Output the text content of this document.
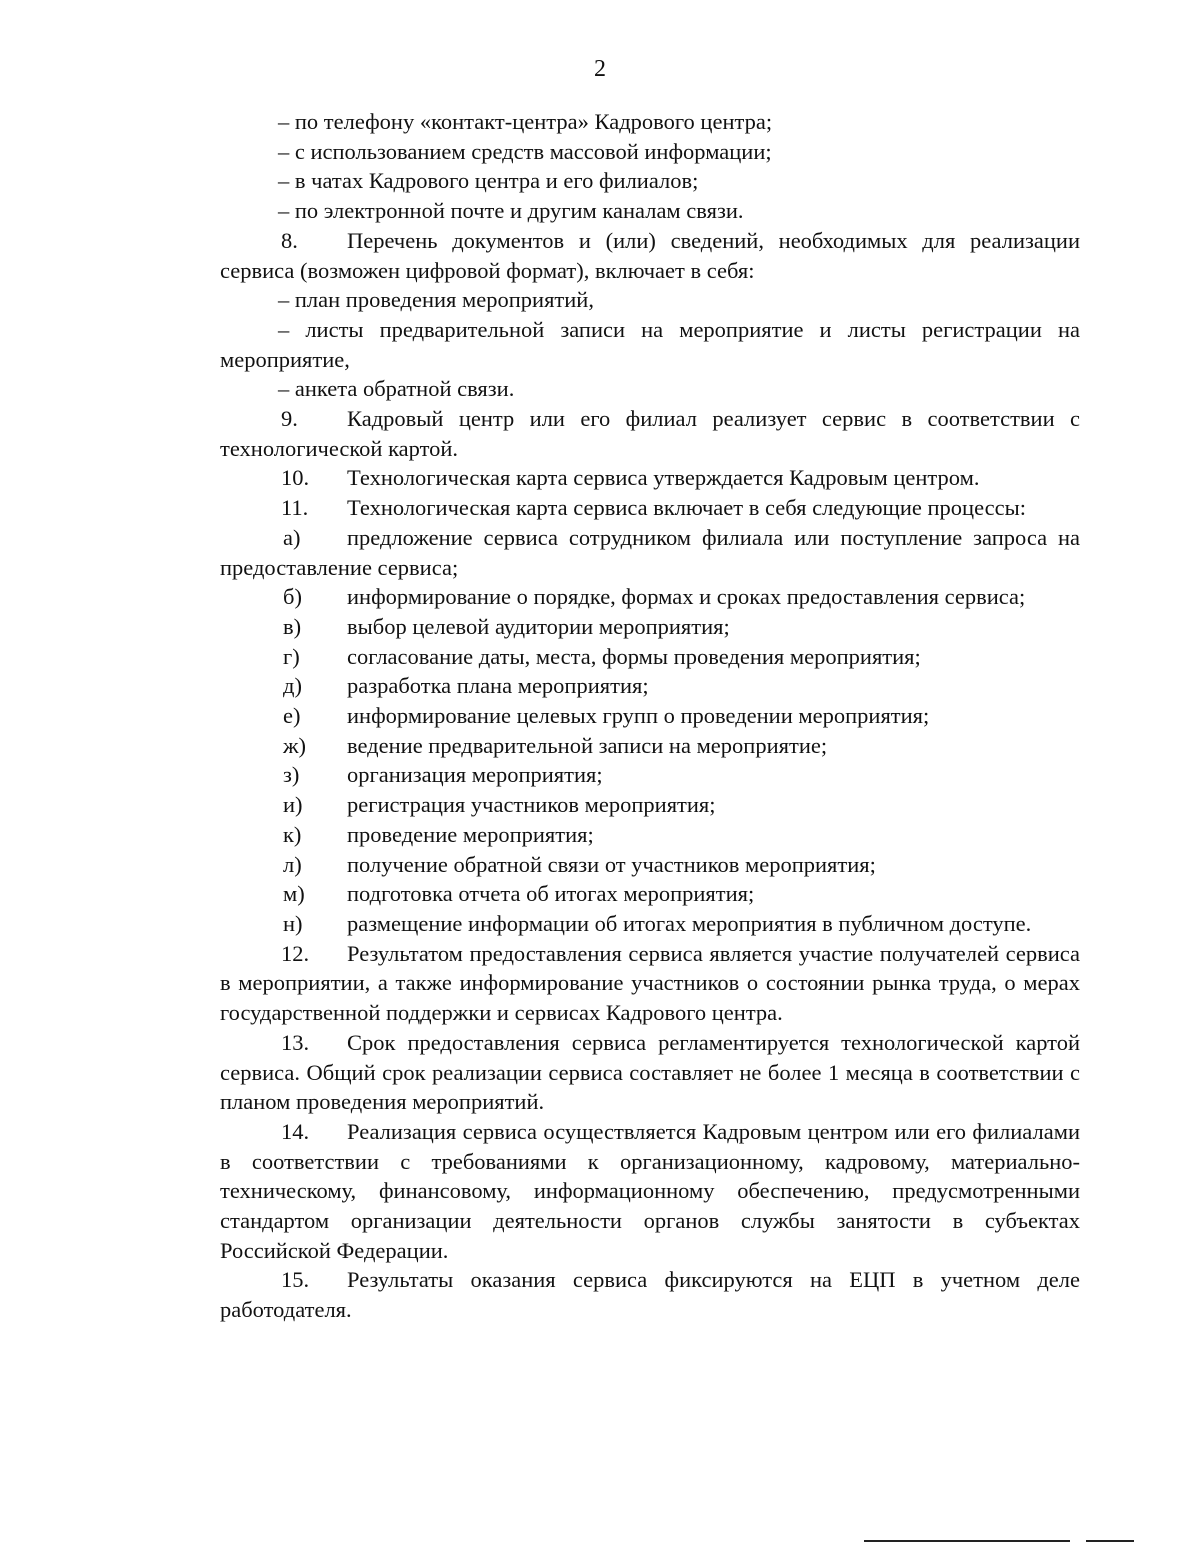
2
– по телефону «контакт-центра» Кадрового центра;
– с использованием средств массовой информации;
– в чатах Кадрового центра и его филиалов;
– по электронной почте и другим каналам связи.
8. Перечень документов и (или) сведений, необходимых для реализации сервиса (возможен цифровой формат), включает в себя:
– план проведения мероприятий,
– листы предварительной записи на мероприятие и листы регистрации на мероприятие,
– анкета обратной связи.
9. Кадровый центр или его филиал реализует сервис в соответствии с технологической картой.
10. Технологическая карта сервиса утверждается Кадровым центром.
11. Технологическая карта сервиса включает в себя следующие процессы:
а) предложение сервиса сотрудником филиала или поступление запроса на предоставление сервиса;
б) информирование о порядке, формах и сроках предоставления сервиса;
в) выбор целевой аудитории мероприятия;
г) согласование даты, места, формы проведения мероприятия;
д) разработка плана мероприятия;
е) информирование целевых групп о проведении мероприятия;
ж) ведение предварительной записи на мероприятие;
з) организация мероприятия;
и) регистрация участников мероприятия;
к) проведение мероприятия;
л) получение обратной связи от участников мероприятия;
м) подготовка отчета об итогах мероприятия;
н) размещение информации об итогах мероприятия в публичном доступе.
12. Результатом предоставления сервиса является участие получателей сервиса в мероприятии, а также информирование участников о состоянии рынка труда, о мерах государственной поддержки и сервисах Кадрового центра.
13. Срок предоставления сервиса регламентируется технологической картой сервиса. Общий срок реализации сервиса составляет не более 1 месяца в соответствии с планом проведения мероприятий.
14. Реализация сервиса осуществляется Кадровым центром или его филиалами в соответствии с требованиями к организационному, кадровому, материально-техническому, финансовому, информационному обеспечению, предусмотренными стандартом организации деятельности органов службы занятости в субъектах Российской Федерации.
15. Результаты оказания сервиса фиксируются на ЕЦП в учетном деле работодателя.
